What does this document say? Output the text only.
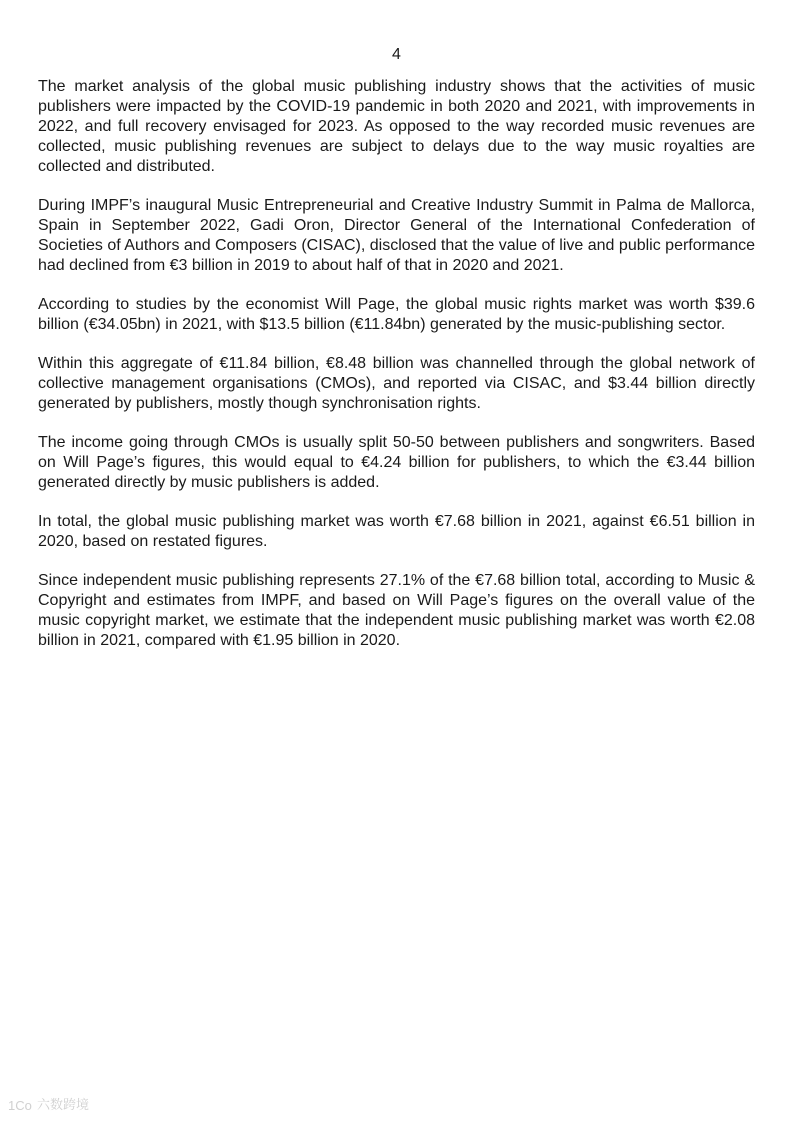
4

The market analysis of the global music publishing industry shows that the activities of music publishers were impacted by the COVID-19 pandemic in both 2020 and 2021, with improvements in 2022, and full recovery envisaged for 2023. As opposed to the way recorded music revenues are collected, music publishing revenues are subject to delays due to the way music royalties are collected and distributed.

During IMPF’s inaugural Music Entrepreneurial and Creative Industry Summit in Palma de Mallorca, Spain in September 2022, Gadi Oron, Director General of the International Confederation of Societies of Authors and Composers (CISAC), disclosed that the value of live and public performance had declined from €3 billion in 2019 to about half of that in 2020 and 2021.

According to studies by the economist Will Page, the global music rights market was worth $39.6 billion (€34.05bn) in 2021, with $13.5 billion (€11.84bn) generated by the music-publishing sector.

Within this aggregate of €11.84 billion, €8.48 billion was channelled through the global network of collective management organisations (CMOs), and reported via CISAC, and $3.44 billion directly generated by publishers, mostly though synchronisation rights.

The income going through CMOs is usually split 50-50 between publishers and songwriters. Based on Will Page’s figures, this would equal to €4.24 billion for publishers, to which the €3.44 billion generated directly by music publishers is added.

In total, the global music publishing market was worth €7.68 billion in 2021, against €6.51 billion in 2020, based on restated figures.

Since independent music publishing represents 27.1% of the €7.68 billion total, according to Music & Copyright and estimates from IMPF, and based on Will Page’s figures on the overall value of the music copyright market, we estimate that the independent music publishing market was worth €2.08 billion in 2021, compared with €1.95 billion in 2020.

1Co 六数跨境
